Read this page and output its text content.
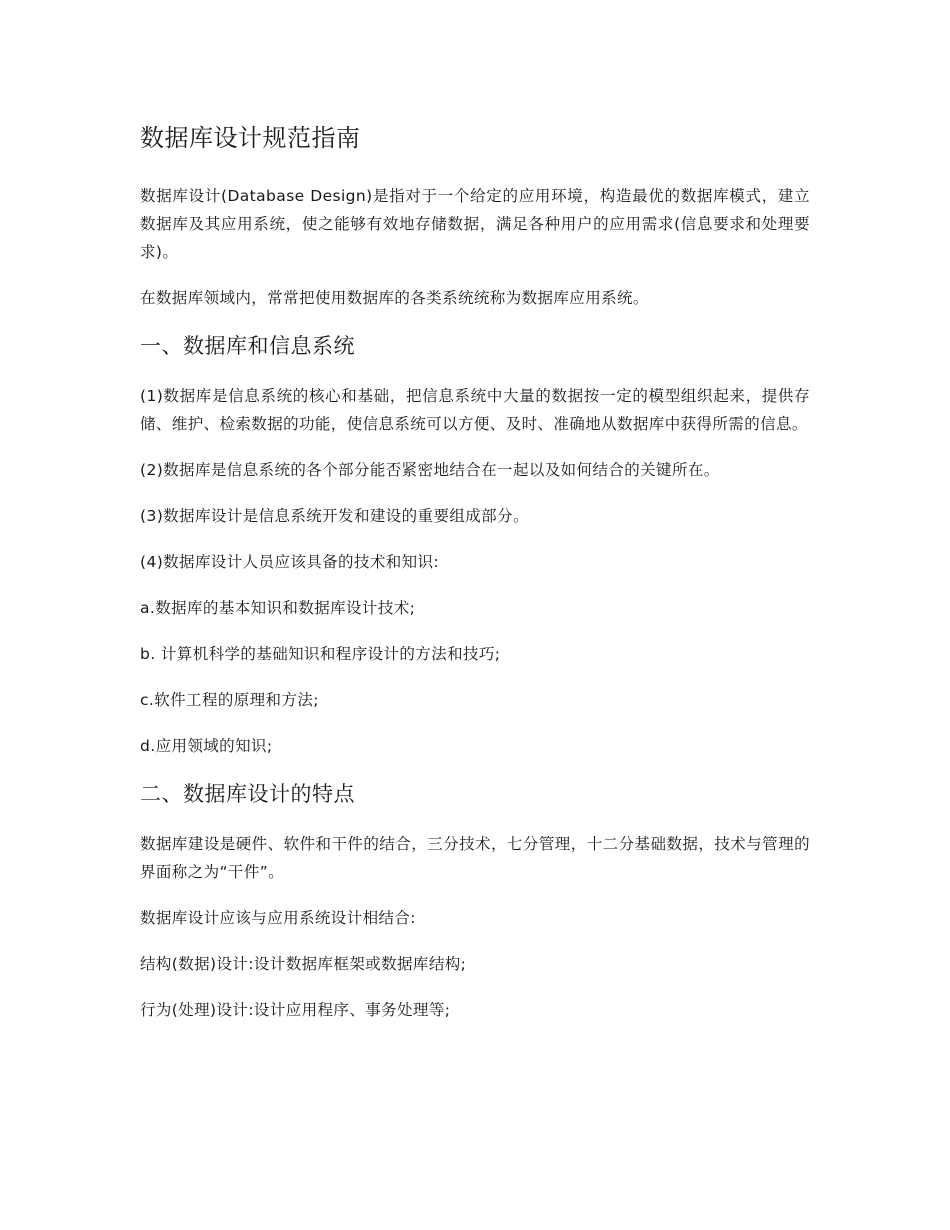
数据库设计规范指南

数据库设计(Database Design)是指对于一个给定的应用环境，构造最优的数据库模式，建立数据库及其应用系统，使之能够有效地存储数据，满足各种用户的应用需求(信息要求和处理要求)。

在数据库领域内，常常把使用数据库的各类系统统称为数据库应用系统。

一、数据库和信息系统

(1)数据库是信息系统的核心和基础，把信息系统中大量的数据按一定的模型组织起来，提供存储、维护、检索数据的功能，使信息系统可以方便、及时、准确地从数据库中获得所需的信息。

(2)数据库是信息系统的各个部分能否紧密地结合在一起以及如何结合的关键所在。

(3)数据库设计是信息系统开发和建设的重要组成部分。

(4)数据库设计人员应该具备的技术和知识:

a.数据库的基本知识和数据库设计技术;

b. 计算机科学的基础知识和程序设计的方法和技巧;

c.软件工程的原理和方法;

d.应用领域的知识;

二、数据库设计的特点

数据库建设是硬件、软件和干件的结合，三分技术，七分管理，十二分基础数据，技术与管理的界面称之为“干件”。

数据库设计应该与应用系统设计相结合:

结构(数据)设计:设计数据库框架或数据库结构;

行为(处理)设计:设计应用程序、事务处理等;
